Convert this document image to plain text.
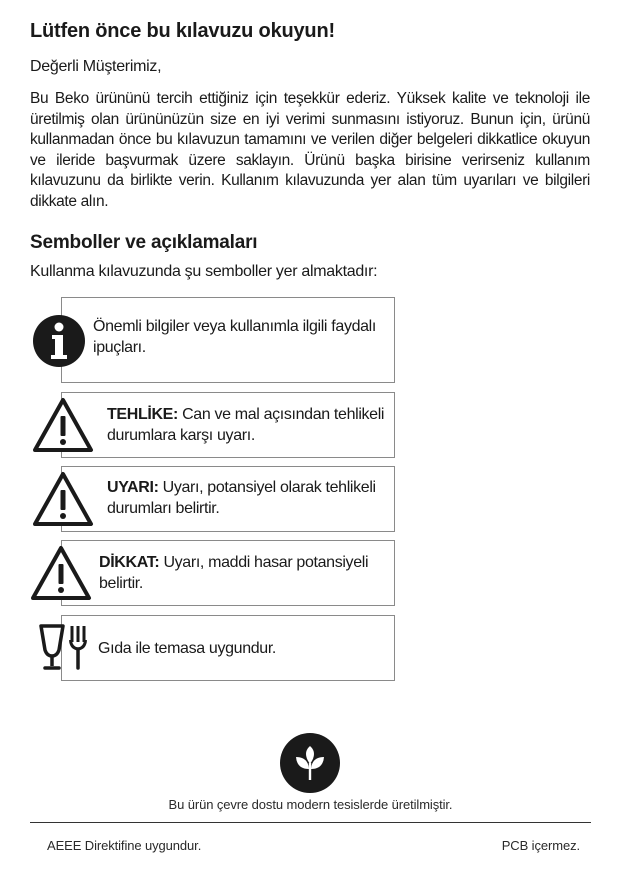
Lütfen önce bu kılavuzu okuyun!
Değerli Müşterimiz,
Bu Beko ürününü tercih ettiğiniz için teşekkür ederiz. Yüksek kalite ve teknoloji ile üretilmiş olan ürününüzün size en iyi verimi sunmasını istiyoruz. Bunun için, ürünü kullanmadan önce bu kılavuzun tamamını ve verilen diğer belgeleri dikkatlice okuyun ve ileride başvurmak üzere saklayın. Ürünü başka birisine verirseniz kullanım kılavuzunu da birlikte verin. Kullanım kılavuzunda yer alan tüm uyarıları ve bilgileri dikkate alın.
Semboller ve açıklamaları
Kullanma kılavuzunda şu semboller yer almaktadır:
Önemli bilgiler veya kullanımla ilgili faydalı ipuçları.
TEHLİKE: Can ve mal açısından tehlikeli durumlara karşı uyarı.
UYARI: Uyarı, potansiyel olarak tehlikeli durumları belirtir.
DİKKAT: Uyarı, maddi hasar potansiyeli belirtir.
Gıda ile temasa uygundur.
Bu ürün çevre dostu modern tesislerde üretilmiştir.
AEEE Direktifine uygundur.	PCB içermez.
